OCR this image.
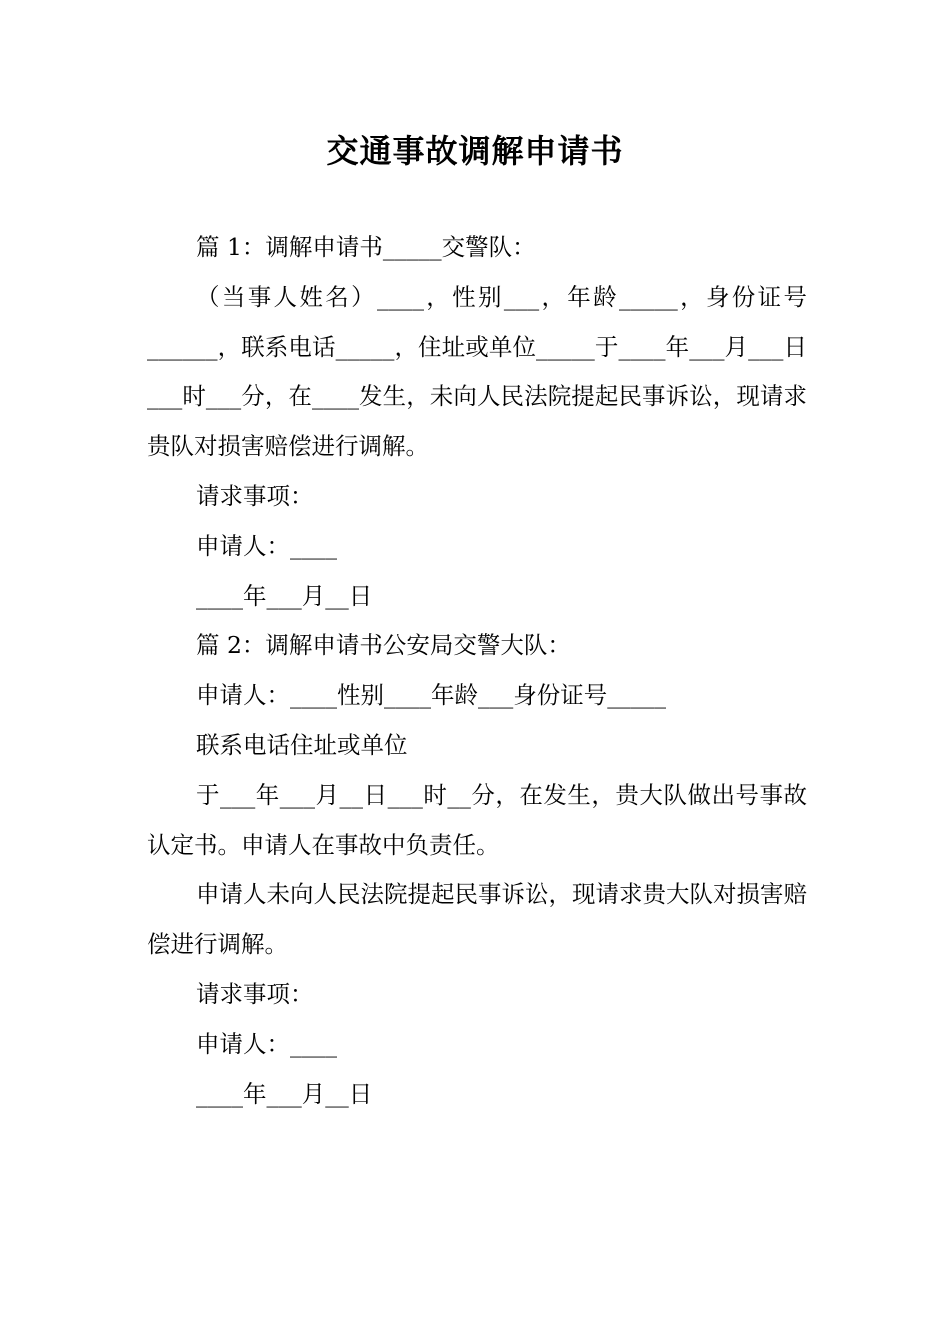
交通事故调解申请书

篇 1：调解申请书_____交警队：

（当事人姓名）____，性别___，年龄_____，身份证号______，联系电话_____，住址或单位_____于____年___月___日___时___分，在____发生，未向人民法院提起民事诉讼，现请求贵队对损害赔偿进行调解。

请求事项：

申请人：____

____年___月__日

篇 2：调解申请书公安局交警大队：

申请人：____性别____年龄___身份证号_____

联系电话住址或单位

于___年___月__日___时__分，在发生，贵大队做出号事故认定书。申请人在事故中负责任。

申请人未向人民法院提起民事诉讼，现请求贵大队对损害赔偿进行调解。

请求事项：

申请人：____

____年___月__日
